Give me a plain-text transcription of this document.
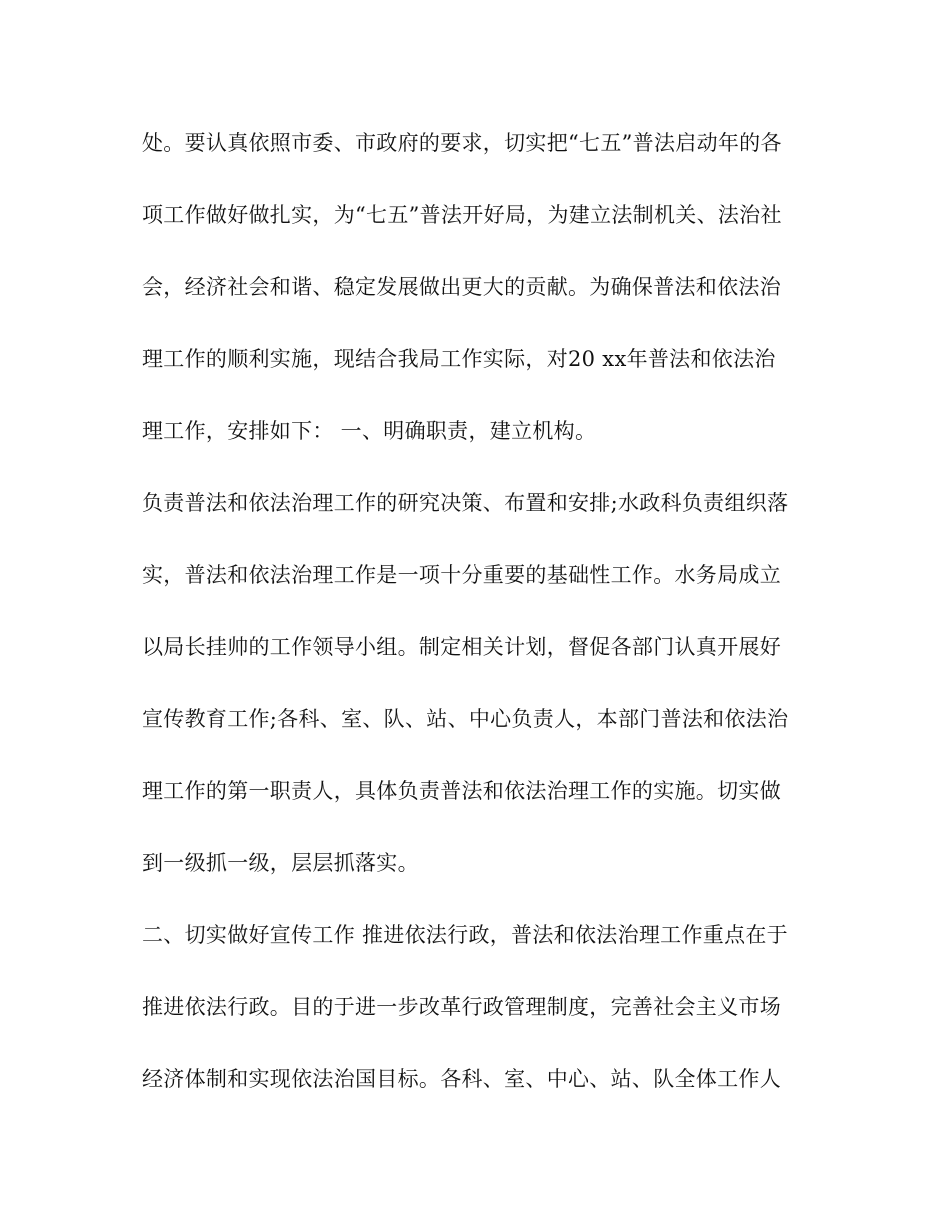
处。要认真依照市委、市政府的要求，切实把“七五”普法启动年的各
项工作做好做扎实，为“七五”普法开好局，为建立法制机关、法治社
会，经济社会和谐、稳定发展做出更大的贡献。为确保普法和依法治
理工作的顺利实施，现结合我局工作实际，对20 xx年普法和依法治
理工作，安排如下： 一、明确职责，建立机构。
负责普法和依法治理工作的研究决策、布置和安排;水政科负责组织落
实，普法和依法治理工作是一项十分重要的基础性工作。水务局成立
以局长挂帅的工作领导小组。制定相关计划，督促各部门认真开展好
宣传教育工作;各科、室、队、站、中心负责人，本部门普法和依法治
理工作的第一职责人，具体负责普法和依法治理工作的实施。切实做
到一级抓一级，层层抓落实。
二、切实做好宣传工作 推进依法行政，普法和依法治理工作重点在于
推进依法行政。目的于进一步改革行政管理制度，完善社会主义市场
经济体制和实现依法治国目标。各科、室、中心、站、队全体工作人
